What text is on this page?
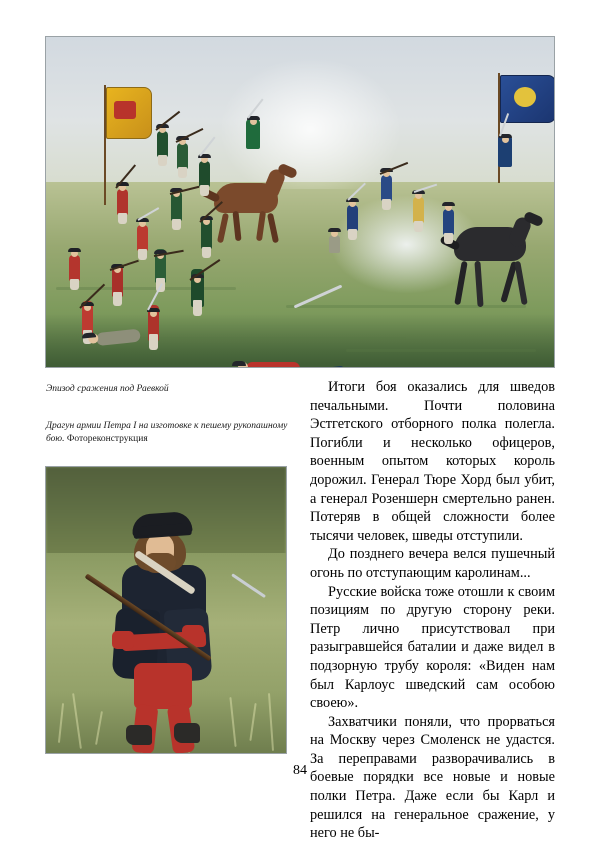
Эпизод сражения под Раевкой
Драгун армии Петра I на изготовке к пешему рукопашному бою. Фотореконструкция

Итоги боя оказались для шведов печальными. Почти половина Эстгетского отборного полка полегла. Погибли и несколько офицеров, военным опытом которых король дорожил. Генерал Тюре Хорд был убит, а генерал Розеншерн смертельно ранен. Потеряв в общей сложности более тысячи человек, шведы отступили.

До позднего вечера велся пушечный огонь по отступающим каролинам...

Русские войска тоже отошли к своим позициям по другую сторону реки. Петр лично присутствовал при разыгравшейся баталии и даже видел в подзорную трубу короля: «Виден нам был Карлоус шведский сам особою своею».

Захватчики поняли, что прорваться на Москву через Смоленск не удастся. За переправами разворачивались в боевые порядки все новые и новые полки Петра. Даже если бы Карл и решился на генеральное сражение, у него не бы-

84
